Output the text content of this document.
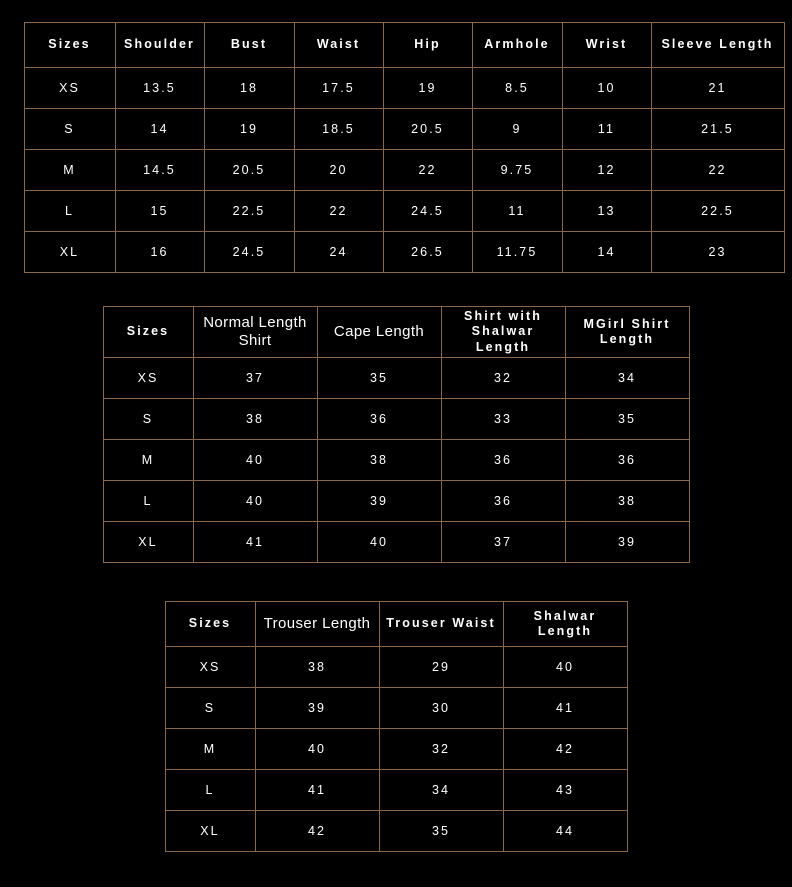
Sizes	Shoulder	Bust	Waist	Hip	Armhole	Wrist	Sleeve Length
XS	13.5	18	17.5	19	8.5	10	21
S	14	19	18.5	20.5	9	11	21.5
M	14.5	20.5	20	22	9.75	12	22
L	15	22.5	22	24.5	11	13	22.5
XL	16	24.5	24	26.5	11.75	14	23
Sizes	Normal Length Shirt	Cape Length	Shirt with Shalwar Length	MGirl Shirt Length
XS	37	35	32	34
S	38	36	33	35
M	40	38	36	36
L	40	39	36	38
XL	41	40	37	39
Sizes	Trouser Length	Trouser Waist	Shalwar Length
XS	38	29	40
S	39	30	41
M	40	32	42
L	41	34	43
XL	42	35	44
